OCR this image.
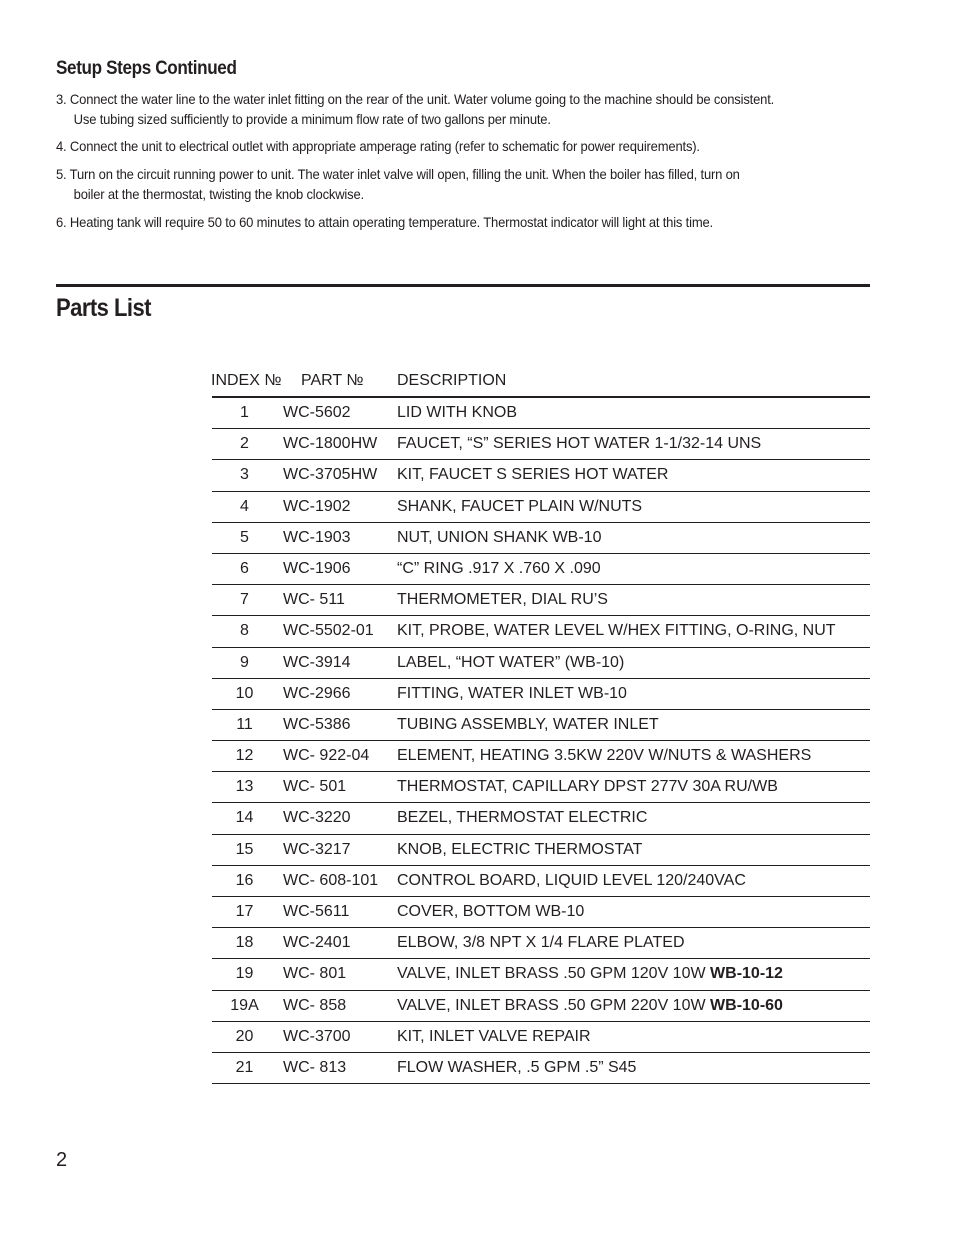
Setup Steps Continued
3. Connect the water line to the water inlet fitting on the rear of the unit. Water volume going to the machine should be consistent.
Use tubing sized sufficiently to provide a minimum flow rate of two gallons per minute.
4. Connect the unit to electrical outlet with appropriate amperage rating (refer to schematic for power requirements).
5. Turn on the circuit running power to unit. The water inlet valve will open, filling the unit. When the boiler has filled, turn on
boiler at the thermostat, twisting the knob clockwise.
6. Heating tank will require 50 to 60 minutes to attain operating temperature. Thermostat indicator will light at this time.
Parts List
INDEX № PART № DESCRIPTION
1	WC-5602	LID WITH KNOB
2	WC-1800HW FAUCET, “S” SERIES HOT WATER 1-1/32-14 UNS
3	WC-3705HW KIT, FAUCET S SERIES HOT WATER
4	WC-1902	SHANK, FAUCET PLAIN W/NUTS
5	WC-1903	NUT, UNION SHANK WB-10
6	WC-1906	“C” RING .917 X .760 X .090
7	WC- 511	THERMOMETER, DIAL RU’S
8	WC-5502-01 KIT, PROBE, WATER LEVEL W/HEX FITTING, O-RING, NUT
9	WC-3914	LABEL, “HOT WATER” (WB-10)
10	WC-2966	FITTING, WATER INLET WB-10
11	WC-5386	TUBING ASSEMBLY, WATER INLET
12	WC- 922-04 ELEMENT, HEATING 3.5KW 220V W/NUTS & WASHERS
13	WC- 501	THERMOSTAT, CAPILLARY DPST 277V 30A RU/WB
14	WC-3220	BEZEL, THERMOSTAT ELECTRIC
15	WC-3217	KNOB, ELECTRIC THERMOSTAT
16	WC- 608-101 CONTROL BOARD, LIQUID LEVEL 120/240VAC
17	WC-5611	COVER, BOTTOM WB-10
18	WC-2401	ELBOW, 3/8 NPT X 1/4 FLARE PLATED
19	WC- 801	VALVE, INLET BRASS .50 GPM 120V 10W WB-10-12
19A	WC- 858	VALVE, INLET BRASS .50 GPM 220V 10W WB-10-60
20	WC-3700	KIT, INLET VALVE REPAIR
21	WC- 813	FLOW WASHER, .5 GPM .5” S45
2
